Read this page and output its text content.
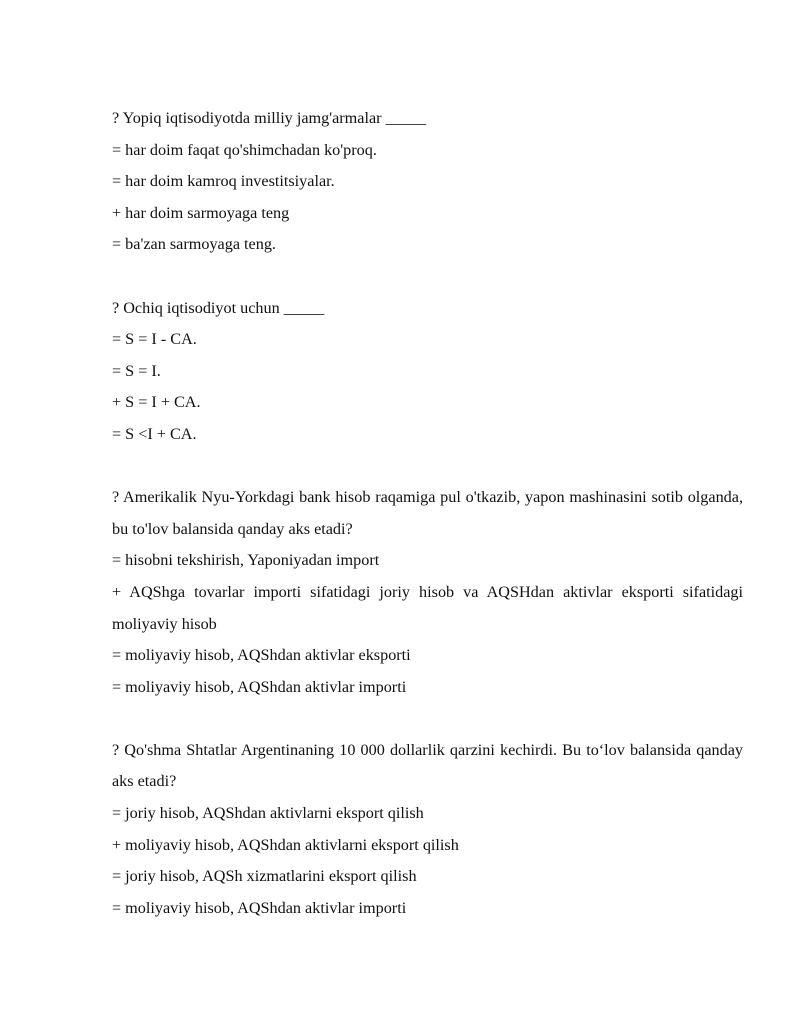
? Yopiq iqtisodiyotda milliy jamg'armalar _____

= har doim faqat qo'shimchadan ko'proq.

= har doim kamroq investitsiyalar.

+ har doim sarmoyaga teng

= ba'zan sarmoyaga teng.

? Ochiq iqtisodiyot uchun _____

= S = I - CA.

= S = I.

+ S = I + CA.

= S <I + CA.

? Amerikalik Nyu-Yorkdagi bank hisob raqamiga pul o'tkazib, yapon mashinasini sotib olganda, bu to'lov balansida qanday aks etadi?

= hisobni tekshirish, Yaponiyadan import

+ AQShga tovarlar importi sifatidagi joriy hisob va AQSHdan aktivlar eksporti sifatidagi moliyaviy hisob

= moliyaviy hisob, AQShdan aktivlar eksporti

= moliyaviy hisob, AQShdan aktivlar importi

? Qo'shma Shtatlar Argentinaning 10 000 dollarlik qarzini kechirdi. Bu to‘lov balansida qanday aks etadi?

= joriy hisob, AQShdan aktivlarni eksport qilish

+ moliyaviy hisob, AQShdan aktivlarni eksport qilish

= joriy hisob, AQSh xizmatlarini eksport qilish

= moliyaviy hisob, AQShdan aktivlar importi
